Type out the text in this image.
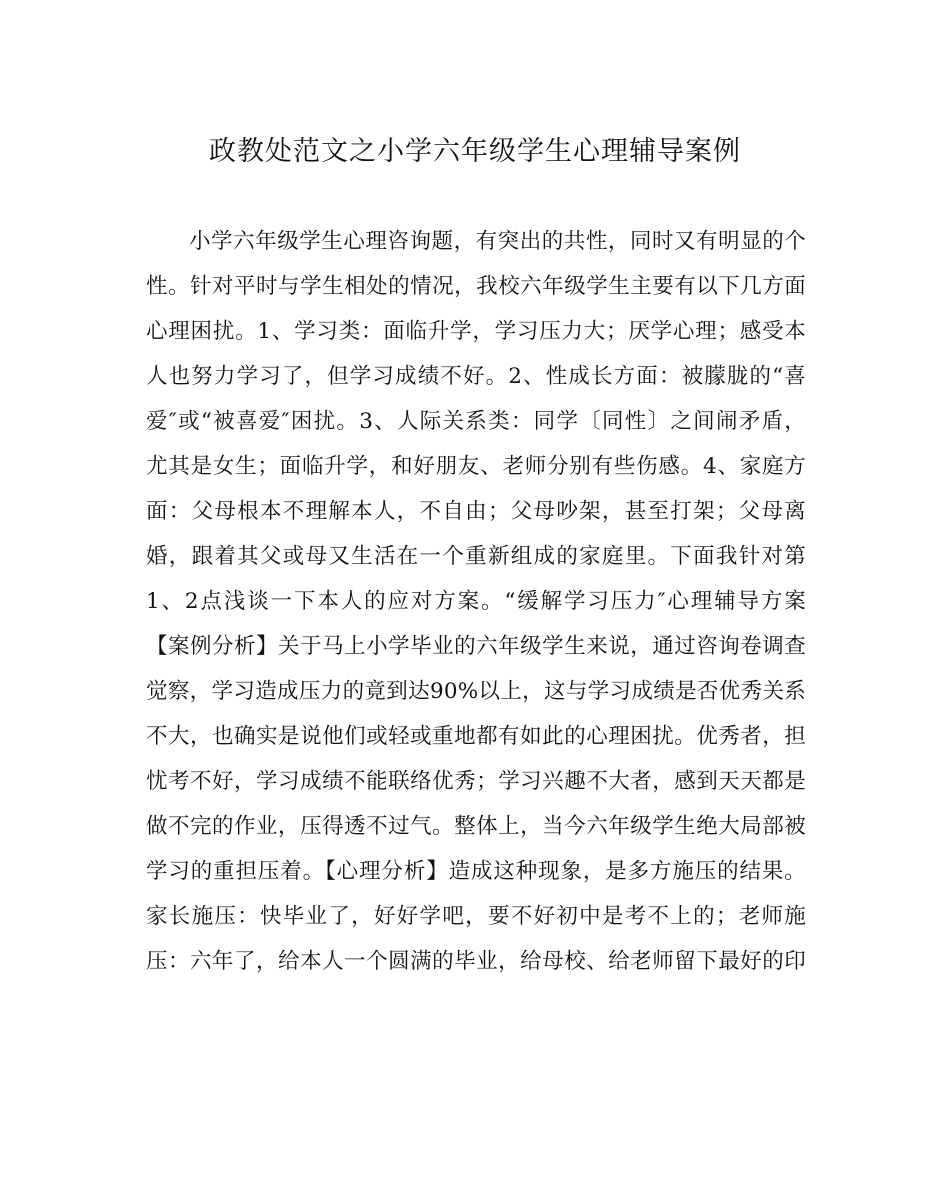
政教处范文之小学六年级学生心理辅导案例
小学六年级学生心理咨询题，有突出的共性，同时又有明显的个
性。针对平时与学生相处的情况，我校六年级学生主要有以下几方面
心理困扰。1、学习类：面临升学，学习压力大；厌学心理；感受本
人也努力学习了，但学习成绩不好。2、性成长方面：被朦胧的“喜
爱″或“被喜爱″困扰。3、人际关系类：同学〔同性〕之间闹矛盾，
尤其是女生；面临升学，和好朋友、老师分别有些伤感。4、家庭方
面：父母根本不理解本人，不自由；父母吵架，甚至打架；父母离
婚，跟着其父或母又生活在一个重新组成的家庭里。下面我针对第
1、2点浅谈一下本人的应对方案。“缓解学习压力″心理辅导方案
【案例分析】关于马上小学毕业的六年级学生来说，通过咨询卷调查
觉察，学习造成压力的竟到达90%以上，这与学习成绩是否优秀关系
不大，也确实是说他们或轻或重地都有如此的心理困扰。优秀者，担
忧考不好，学习成绩不能联络优秀；学习兴趣不大者，感到天天都是
做不完的作业，压得透不过气。整体上，当今六年级学生绝大局部被
学习的重担压着。【心理分析】造成这种现象，是多方施压的结果。
家长施压：快毕业了，好好学吧，要不好初中是考不上的；老师施
压：六年了，给本人一个圆满的毕业，给母校、给老师留下最好的印
